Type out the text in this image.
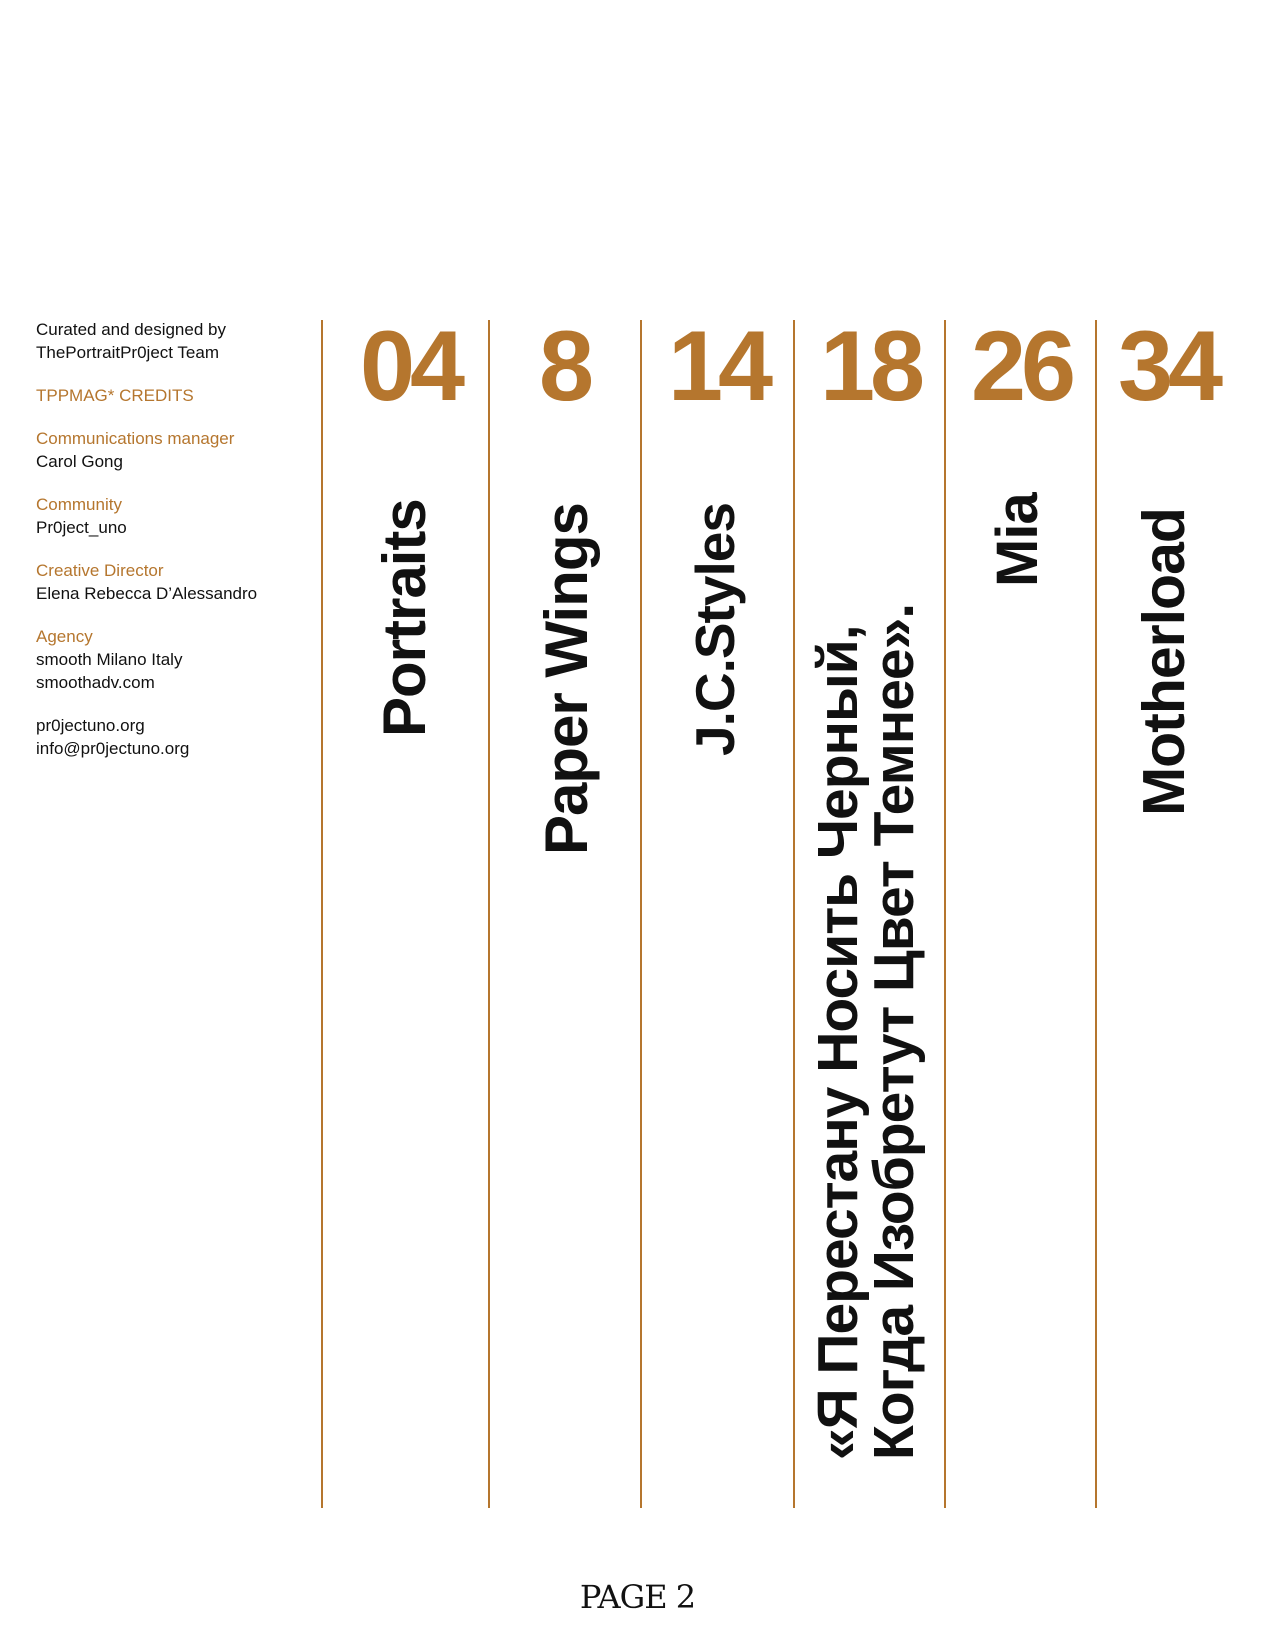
Curated and designed by
ThePortraitPr0ject Team
TPPMAG* CREDITS
Communications manager
Carol Gong
Community
Pr0ject_uno
Creative Director
Elena Rebecca D’Alessandro
Agency
smooth Milano Italy
smoothadv.com
pr0jectuno.org
info@pr0jectuno.org
04 8 14 18 26 34
Portraits Paper Wings J.C.Styles «Я Перестану Носить Черный,
Когда Изобретут Цвет Темнее».
Mia Motherload
PAGE 2
